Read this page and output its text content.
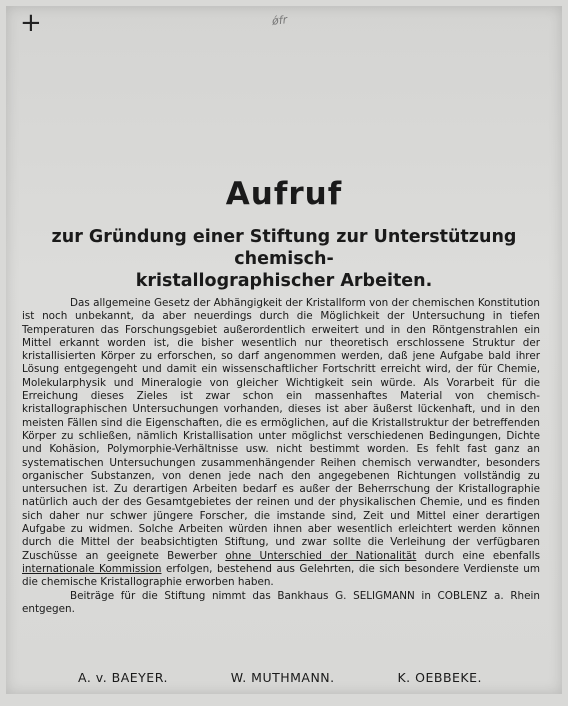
+	ǿfr
Aufruf
zur Gründung einer Stiftung zur Unterstützung chemisch-
kristallographischer Arbeiten.

Das allgemeine Gesetz der Abhängigkeit der Kristallform von der chemischen Konstitution ist noch unbekannt, da aber neuerdings durch die Möglichkeit der Untersuchung in tiefen Temperaturen das Forschungsgebiet außerordentlich erweitert und in den Röntgenstrahlen ein Mittel erkannt worden ist, die bisher wesentlich nur theoretisch erschlossene Struktur der kristallisierten Körper zu erforschen, so darf angenommen werden, daß jene Aufgabe bald ihrer Lösung entgegengeht und damit ein wissenschaftlicher Fortschritt erreicht wird, der für Chemie, Molekularphysik und Mineralogie von gleicher Wichtigkeit sein würde. Als Vorarbeit für die Erreichung dieses Zieles ist zwar schon ein massenhaftes Material von chemisch-kristallographischen Untersuchungen vorhanden, dieses ist aber äußerst lückenhaft, und in den meisten Fällen sind die Eigenschaften, die es ermöglichen, auf die Kristallstruktur der betreffenden Körper zu schließen, nämlich Kristallisation unter möglichst verschiedenen Bedingungen, Dichte und Kohäsion, Polymorphie-Verhältnisse usw. nicht bestimmt worden. Es fehlt fast ganz an systematischen Untersuchungen zusammenhängender Reihen chemisch verwandter, besonders organischer Substanzen, von denen jede nach den angegebenen Richtungen vollständig zu untersuchen ist. Zu derartigen Arbeiten bedarf es außer der Beherrschung der Kristallographie natürlich auch der des Gesamtgebietes der reinen und der physikalischen Chemie, und es finden sich daher nur schwer jüngere Forscher, die imstande sind, Zeit und Mittel einer derartigen Aufgabe zu widmen. Solche Arbeiten würden ihnen aber wesentlich erleichtert werden können durch die Mittel der beabsichtigten Stiftung, und zwar sollte die Verleihung der verfügbaren Zuschüsse an geeignete Bewerber ohne Unterschied der Nationalität durch eine ebenfalls internationale Kommission erfolgen, bestehend aus Gelehrten, die sich besondere Verdienste um die chemische Kristallographie erworben haben.

Beiträge für die Stiftung nimmt das Bankhaus G. SELIGMANN in COBLENZ a. Rhein entgegen.

A. v. BAEYER.	W. MUTHMANN.	K. OEBBEKE.
